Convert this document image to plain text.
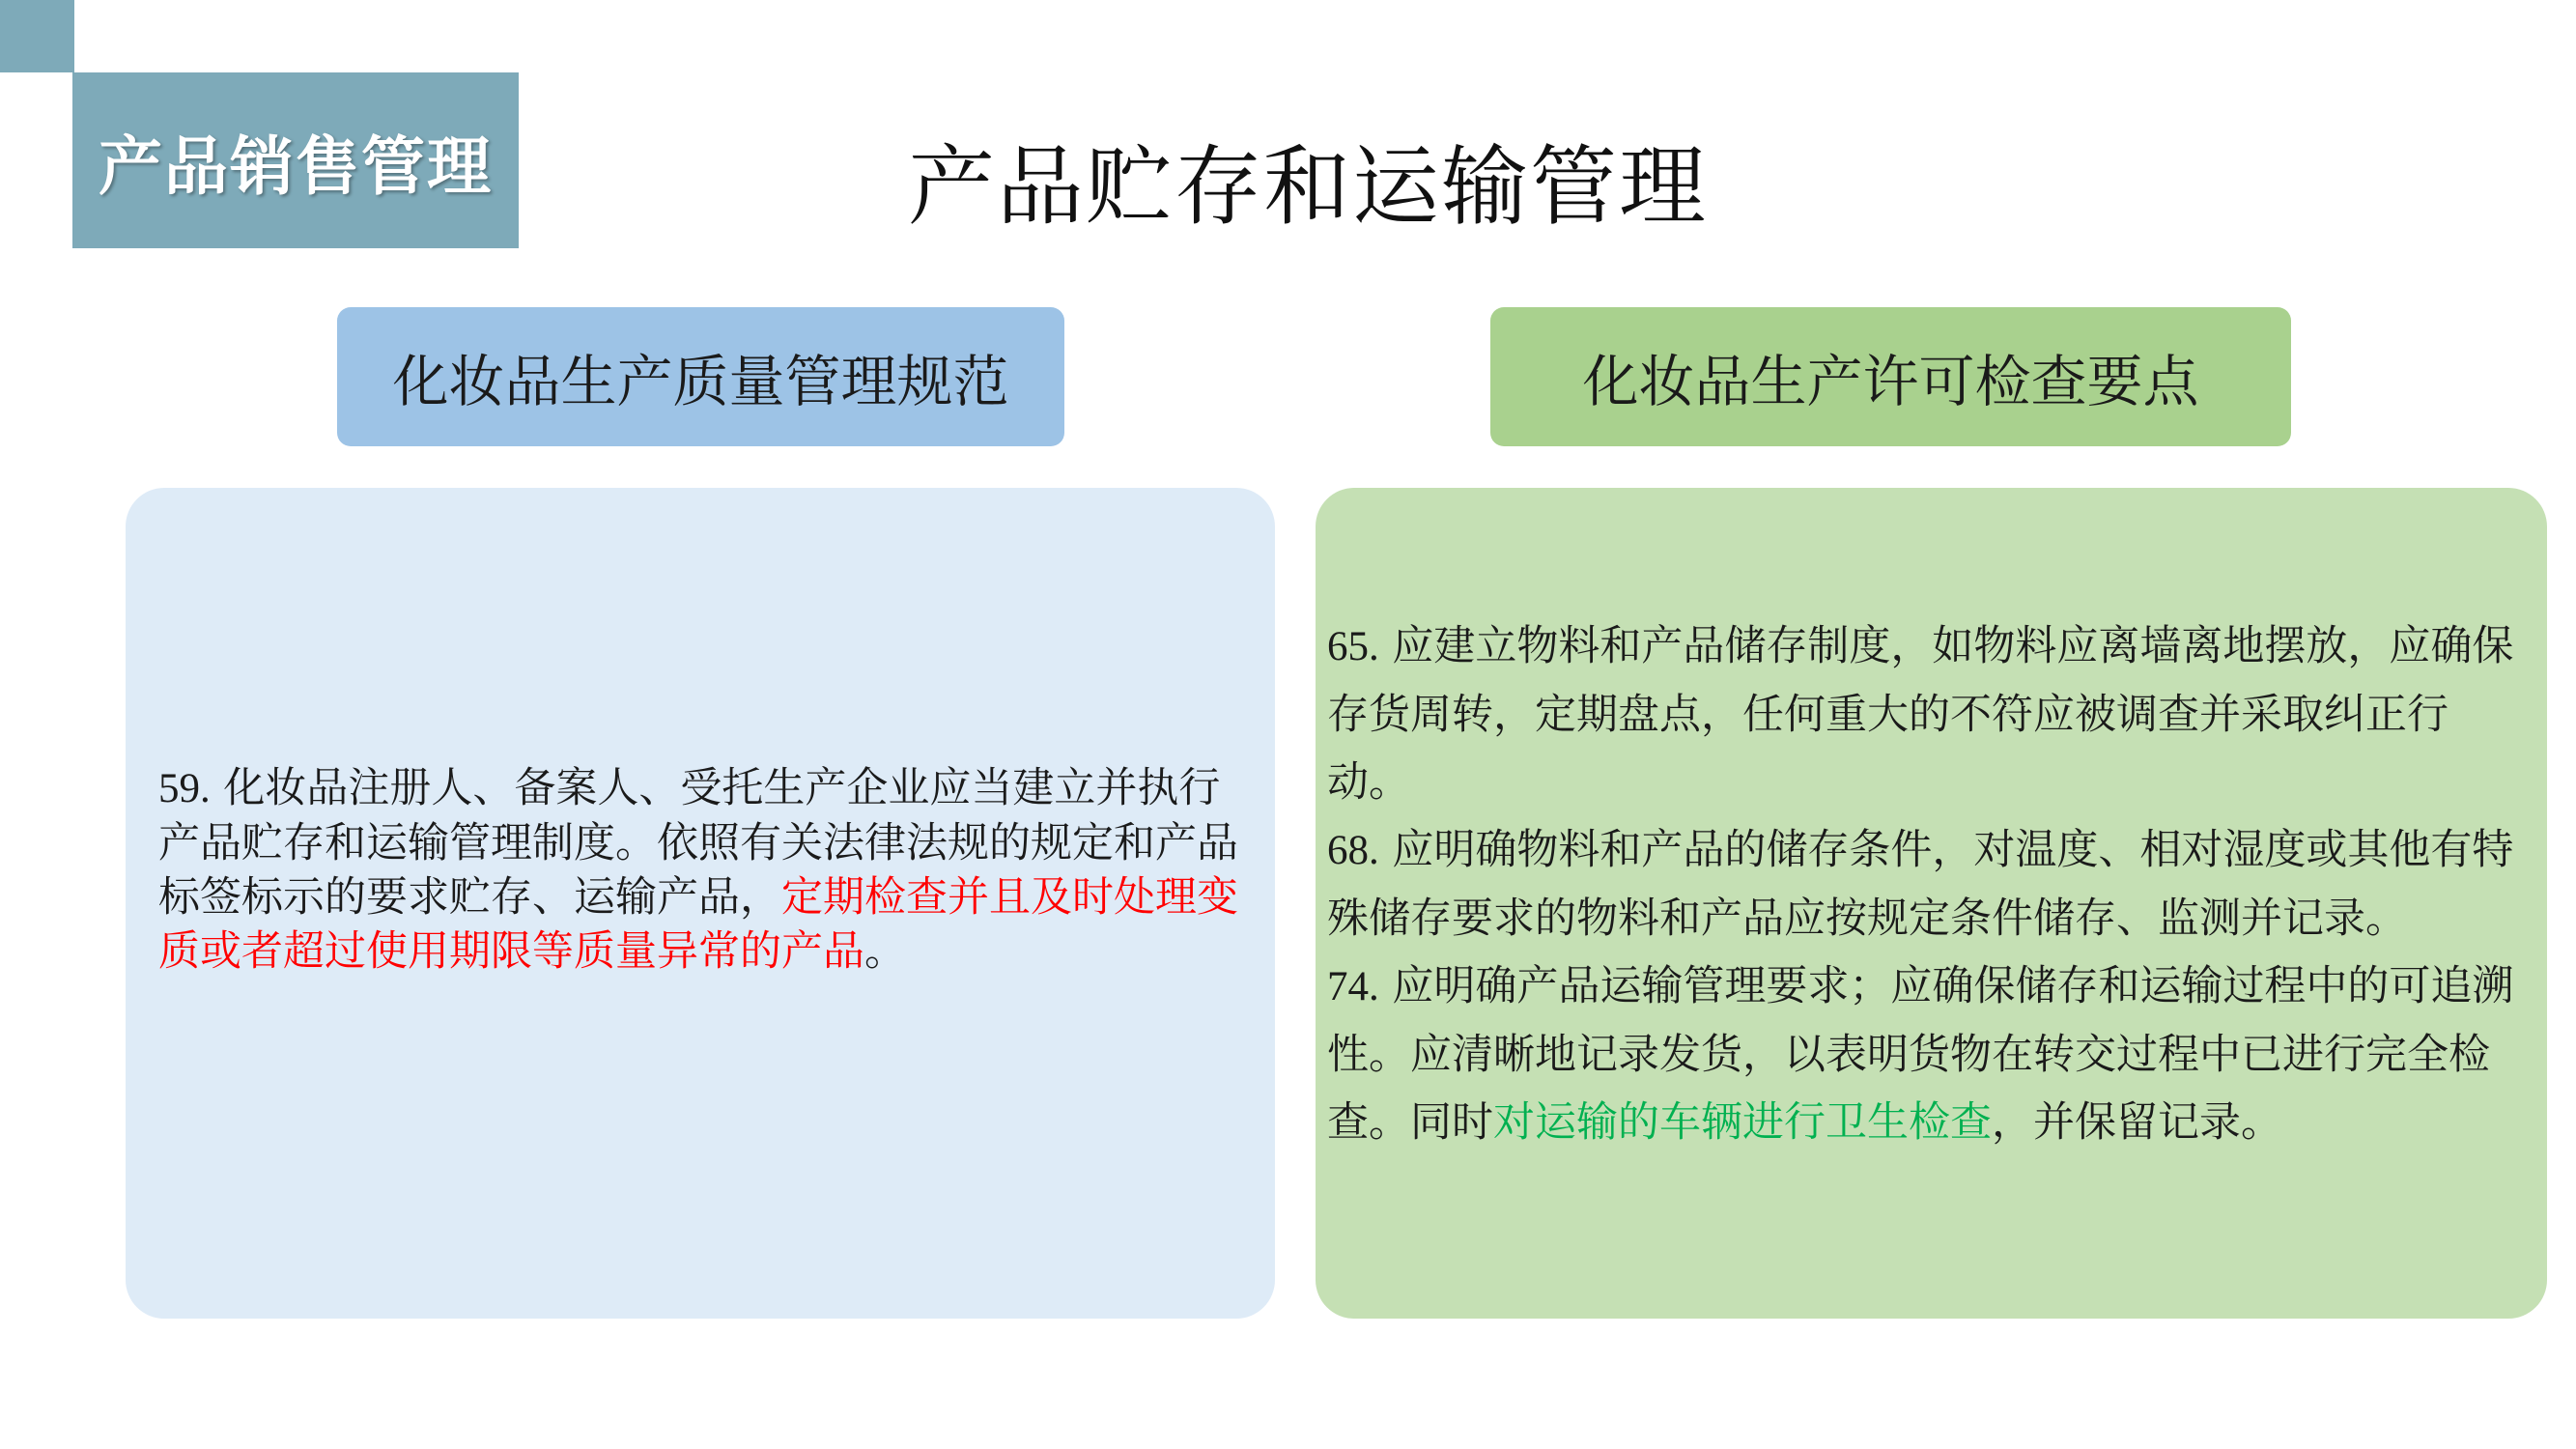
产品销售管理	产品贮存和运输管理
化妆品生产质量管理规范	化妆品生产许可检查要点

59. 化妆品注册人、备案人、受托生产企业应当建立并执行产品贮存和运输管理制度。依照有关法律法规的规定和产品标签标示的要求贮存、运输产品，定期检查并且及时处理变质或者超过使用期限等质量异常的产品。

65. 应建立物料和产品储存制度，如物料应离墙离地摆放，应确保存货周转，定期盘点，任何重大的不符应被调查并采取纠正行动。

68. 应明确物料和产品的储存条件，对温度、相对湿度或其他有特殊储存要求的物料和产品应按规定条件储存、监测并记录。

74. 应明确产品运输管理要求；应确保储存和运输过程中的可追溯性。应清晰地记录发货，以表明货物在转交过程中已进行完全检查。同时对运输的车辆进行卫生检查，并保留记录。
